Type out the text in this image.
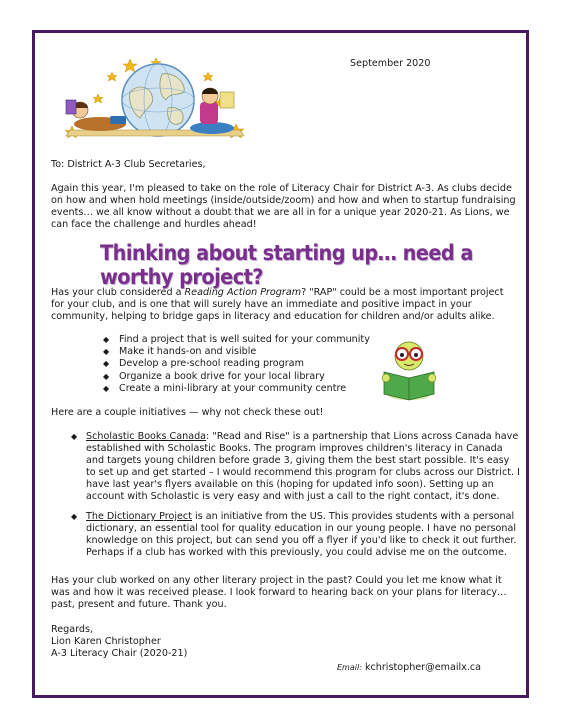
September 2020
To: District A-3 Club Secretaries,
Again this year, I'm pleased to take on the role of Literacy Chair for District A-3. As clubs decide on how and when hold meetings (inside/outside/zoom) and how and when to startup fundraising events… we all know without a doubt that we are all in for a unique year 2020-21. As Lions, we can face the challenge and hurdles ahead!
Thinking about starting up… need a worthy project?
Has your club considered a Reading Action Program? "RAP" could be a most important project for your club, and is one that will surely have an immediate and positive impact in your community, helping to bridge gaps in literacy and education for children and/or adults alike.
◆ Find a project that is well suited for your community
◆ Make it hands-on and visible
◆ Develop a pre-school reading program
◆ Organize a book drive for your local library
◆ Create a mini-library at your community centre
Here are a couple initiatives — why not check these out!
◆ Scholastic Books Canada: "Read and Rise" is a partnership that Lions across Canada have established with Scholastic Books. The program improves children's literacy in Canada and targets young children before grade 3, giving them the best start possible. It's easy to set up and get started – I would recommend this program for clubs across our District. I have last year's flyers available on this (hoping for updated info soon). Setting up an account with Scholastic is very easy and with just a call to the right contact, it's done.
◆ The Dictionary Project is an initiative from the US. This provides students with a personal dictionary, an essential tool for quality education in our young people. I have no personal knowledge on this project, but can send you off a flyer if you'd like to check it out further. Perhaps if a club has worked with this previously, you could advise me on the outcome.
Has your club worked on any other literary project in the past? Could you let me know what it was and how it was received please. I look forward to hearing back on your plans for literacy… past, present and future. Thank you.
Regards,
Lion Karen Christopher
A-3 Literacy Chair (2020-21)
Email: kchristopher@emailx.ca
